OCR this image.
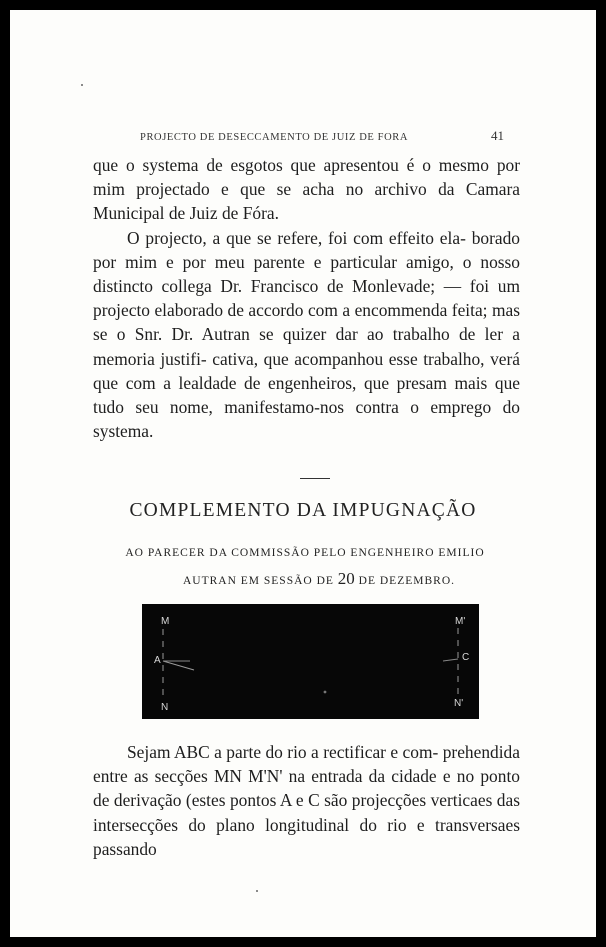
PROJECTO DE DESECCAMENTO DE JUIZ DE FORA	41

que o systema de esgotos que apresentou é o mesmo por mim projectado e que se acha no archivo da Camara Municipal de Juiz de Fóra.

O projecto, a que se refere, foi com effeito ela- borado por mim e por meu parente e particular amigo, o nosso distincto collega Dr. Francisco de Monlevade; — foi um projecto elaborado de accordo com a encommenda feita; mas se o Snr. Dr. Autran se quizer dar ao trabalho de ler a memoria justifi- cativa, que acompanhou esse trabalho, verá que com a lealdade de engenheiros, que presam mais que tudo seu nome, manifestamo-nos contra o emprego do systema.

COMPLEMENTO DA IMPUGNAÇÃO
AO PARECER DA COMMISSÃO PELO ENGENHEIRO EMILIO
AUTRAN EM SESSÃO DE 20 DE DEZEMBRO.
M
A
N
M'
C
N'

Sejam ABC a parte do rio a rectificar e com- prehendida entre as secções MN M'N' na entrada da cidade e no ponto de derivação (estes pontos A e C são projecções verticaes das intersecções do plano longitudinal do rio e transversaes passando
